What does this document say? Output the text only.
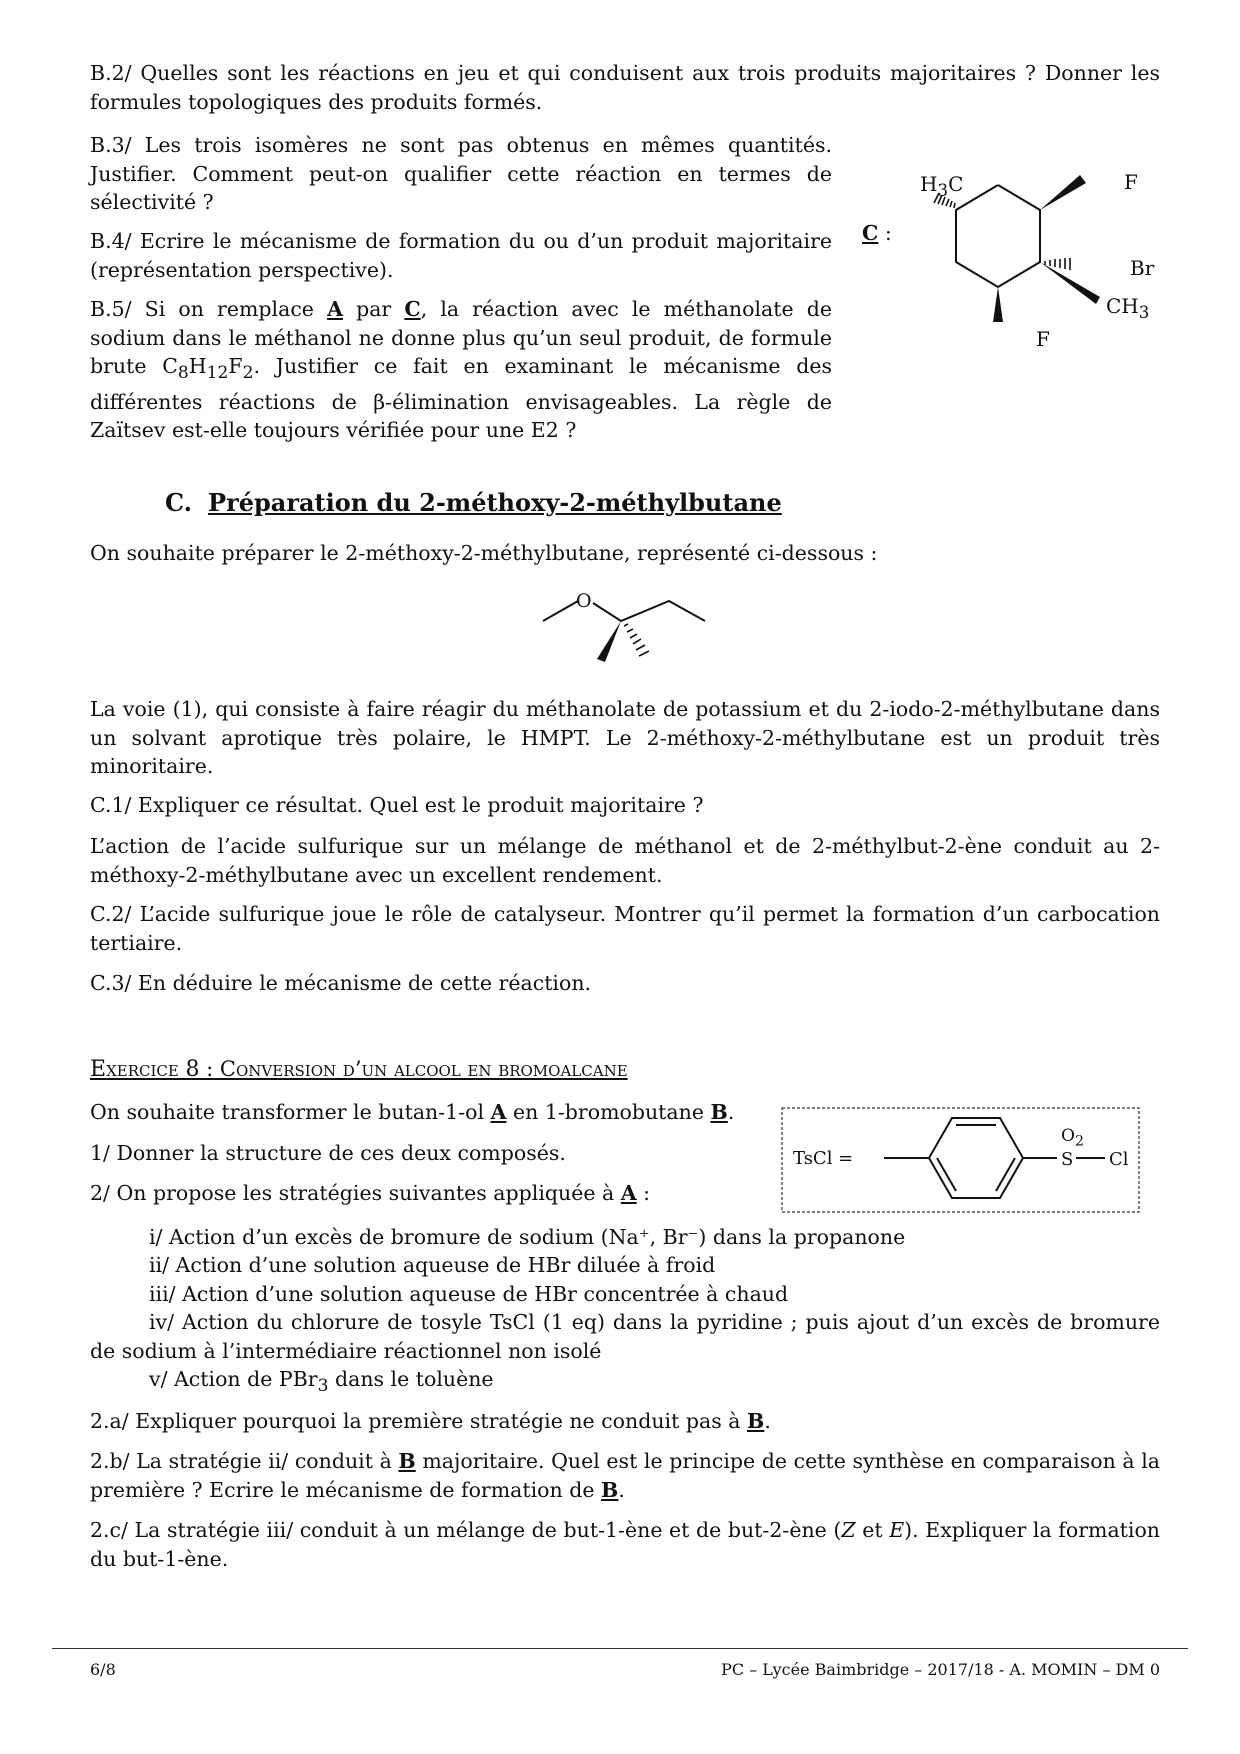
B.2/ Quelles sont les réactions en jeu et qui conduisent aux trois produits majoritaires ? Donner les formules topologiques des produits formés.
B.3/ Les trois isomères ne sont pas obtenus en mêmes quantités. Justifier. Comment peut-on qualifier cette réaction en termes de sélectivité ?
B.4/ Ecrire le mécanisme de formation du ou d’un produit majoritaire (représentation perspective).
B.5/ Si on remplace A par C, la réaction avec le méthanolate de sodium dans le méthanol ne donne plus qu’un seul produit, de formule brute $C_8H_{12}F_2$. Justifier ce fait en examinant le mécanisme des différentes réactions de β-élimination envisageables. La règle de Zaïtsev est-elle toujours vérifiée pour une E2 ?
C :
$H_3C$	F
Br
$CH_3$
F
C. Préparation du 2-méthoxy-2-méthylbutane
On souhaite préparer le 2-méthoxy-2-méthylbutane, représenté ci-dessous :
O
La voie (1), qui consiste à faire réagir du méthanolate de potassium et du 2-iodo-2-méthylbutane dans un solvant aprotique très polaire, le HMPT. Le 2-méthoxy-2-méthylbutane est un produit très minoritaire.
C.1/ Expliquer ce résultat. Quel est le produit majoritaire ?
L’action de l’acide sulfurique sur un mélange de méthanol et de 2-méthylbut-2-ène conduit au 2-méthoxy-2-méthylbutane avec un excellent rendement.
C.2/ L’acide sulfurique joue le rôle de catalyseur. Montrer qu’il permet la formation d’un carbocation tertiaire.
C.3/ En déduire le mécanisme de cette réaction.
Exercice 8 : Conversion d’un alcool en bromoalcane
On souhaite transformer le butan-1-ol A en 1-bromobutane B.
1/ Donner la structure de ces deux composés.
2/ On propose les stratégies suivantes appliquée à A :
TsCl =
$O_2$
S Cl
i/ Action d’un excès de bromure de sodium (Na⁺, Br⁻) dans la propanone
ii/ Action d’une solution aqueuse de HBr diluée à froid
iii/ Action d’une solution aqueuse de HBr concentrée à chaud
iv/ Action du chlorure de tosyle TsCl (1 eq) dans la pyridine ; puis ajout d’un excès de bromure de sodium à l’intermédiaire réactionnel non isolé
v/ Action de PBr$_3$ dans le toluène
2.a/ Expliquer pourquoi la première stratégie ne conduit pas à B.
2.b/ La stratégie ii/ conduit à B majoritaire. Quel est le principe de cette synthèse en comparaison à la première ? Ecrire le mécanisme de formation de B.
2.c/ La stratégie iii/ conduit à un mélange de but-1-ène et de but-2-ène (Z et E). Expliquer la formation du but-1-ène.
6/8	PC – Lycée Baimbridge – 2017/18 - A. MOMIN – DM 0
